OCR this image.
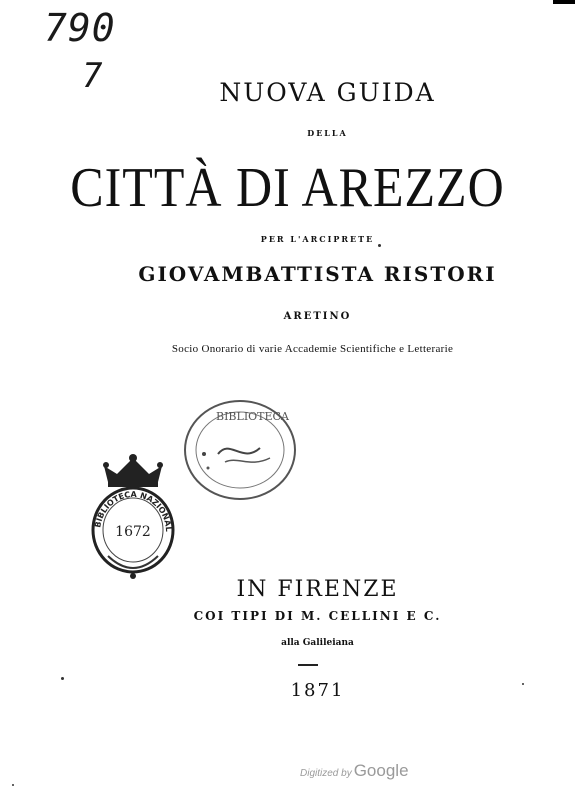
790
7	NUOVA GUIDA
DELLA
CITTÀ DI AREZZO
PER L'ARCIPRETE
GIOVAMBATTISTA RISTORI
ARETINO
Socio Onorario di varie Accademie Scientifiche e Letterarie
BIBLIOTECA
BIBLIOTECA NAZIONALE CENTRALE
1672
IN FIRENZE
COI TIPI DI M. CELLINI E C.
alla Galileiana
1871
Digitized by Google
